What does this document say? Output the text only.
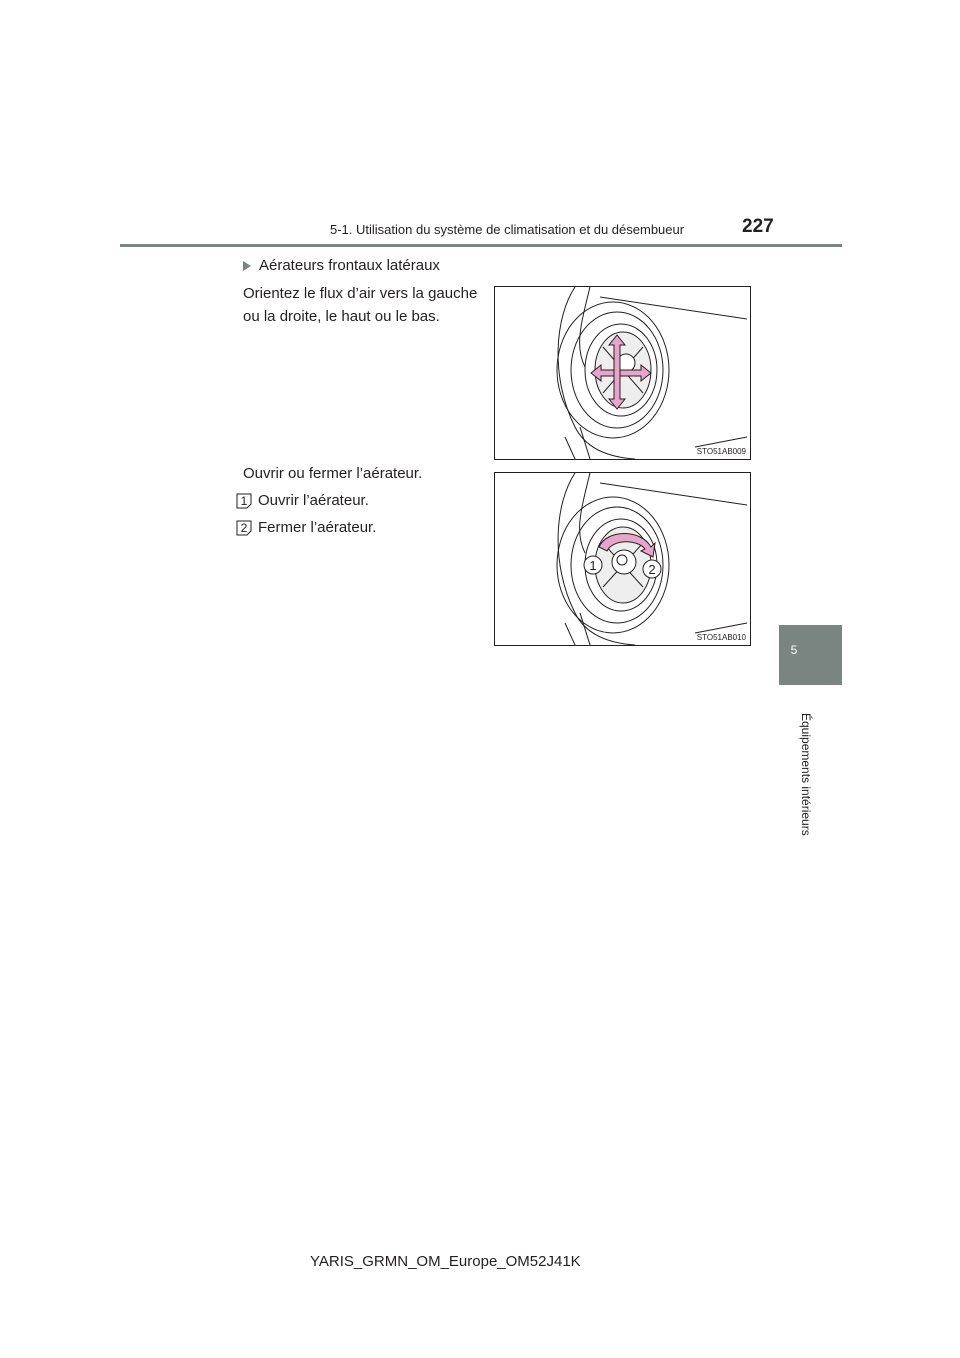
5-1. Utilisation du système de climatisation et du désembueur	227
5
Équipements intérieurs
Aérateurs frontaux latéraux
Orientez le flux d’air vers la gauche ou la droite, le haut ou le bas.
STO51AB009
Ouvrir ou fermer l’aérateur.
1 Ouvrir l’aérateur.
2 Fermer l’aérateur.
1	2
STO51AB010
YARIS_GRMN_OM_Europe_OM52J41K
